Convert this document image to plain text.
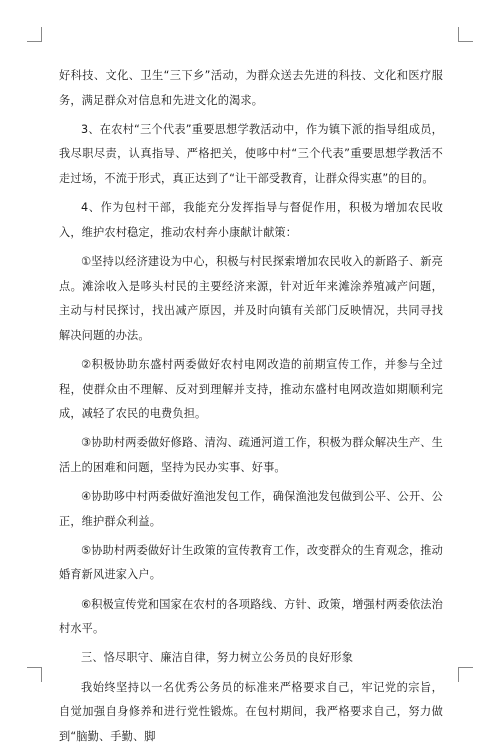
好科技、文化、卫生“三下乡”活动，为群众送去先进的科技、文化和医疗服务，满足群众对信息和先进文化的渴求。

3、在农村“三个代表”重要思想学教活动中，作为镇下派的指导组成员，我尽职尽责，认真指导、严格把关，使哆中村“三个代表”重要思想学教活不走过场，不流于形式，真正达到了“让干部受教育，让群众得实惠”的目的。

4、作为包村干部，我能充分发挥指导与督促作用，积极为增加农民收入，维护农村稳定，推动农村奔小康献计献策：

①坚持以经济建设为中心，积极与村民探索增加农民收入的新路子、新亮点。滩涂收入是哆头村民的主要经济来源，针对近年来滩涂养殖减产问题，主动与村民探讨，找出减产原因，并及时向镇有关部门反映情况，共同寻找解决问题的办法。

②积极协助东盛村两委做好农村电网改造的前期宣传工作，并参与全过程，使群众由不理解、反对到理解并支持，推动东盛村电网改造如期顺利完成，减轻了农民的电费负担。

③协助村两委做好修路、清沟、疏通河道工作，积极为群众解决生产、生活上的困难和问题，坚持为民办实事、好事。

④协助哆中村两委做好渔池发包工作，确保渔池发包做到公平、公开、公正，维护群众利益。

⑤协助村两委做好计生政策的宣传教育工作，改变群众的生育观念，推动婚育新风进家入户。

⑥积极宣传党和国家在农村的各项路线、方针、政策，增强村两委依法治村水平。

三、恪尽职守、廉洁自律，努力树立公务员的良好形象

我始终坚持以一名优秀公务员的标准来严格要求自己，牢记党的宗旨，自觉加强自身修养和进行党性锻炼。在包村期间，我严格要求自己，努力做到“脑勤、手勤、脚
